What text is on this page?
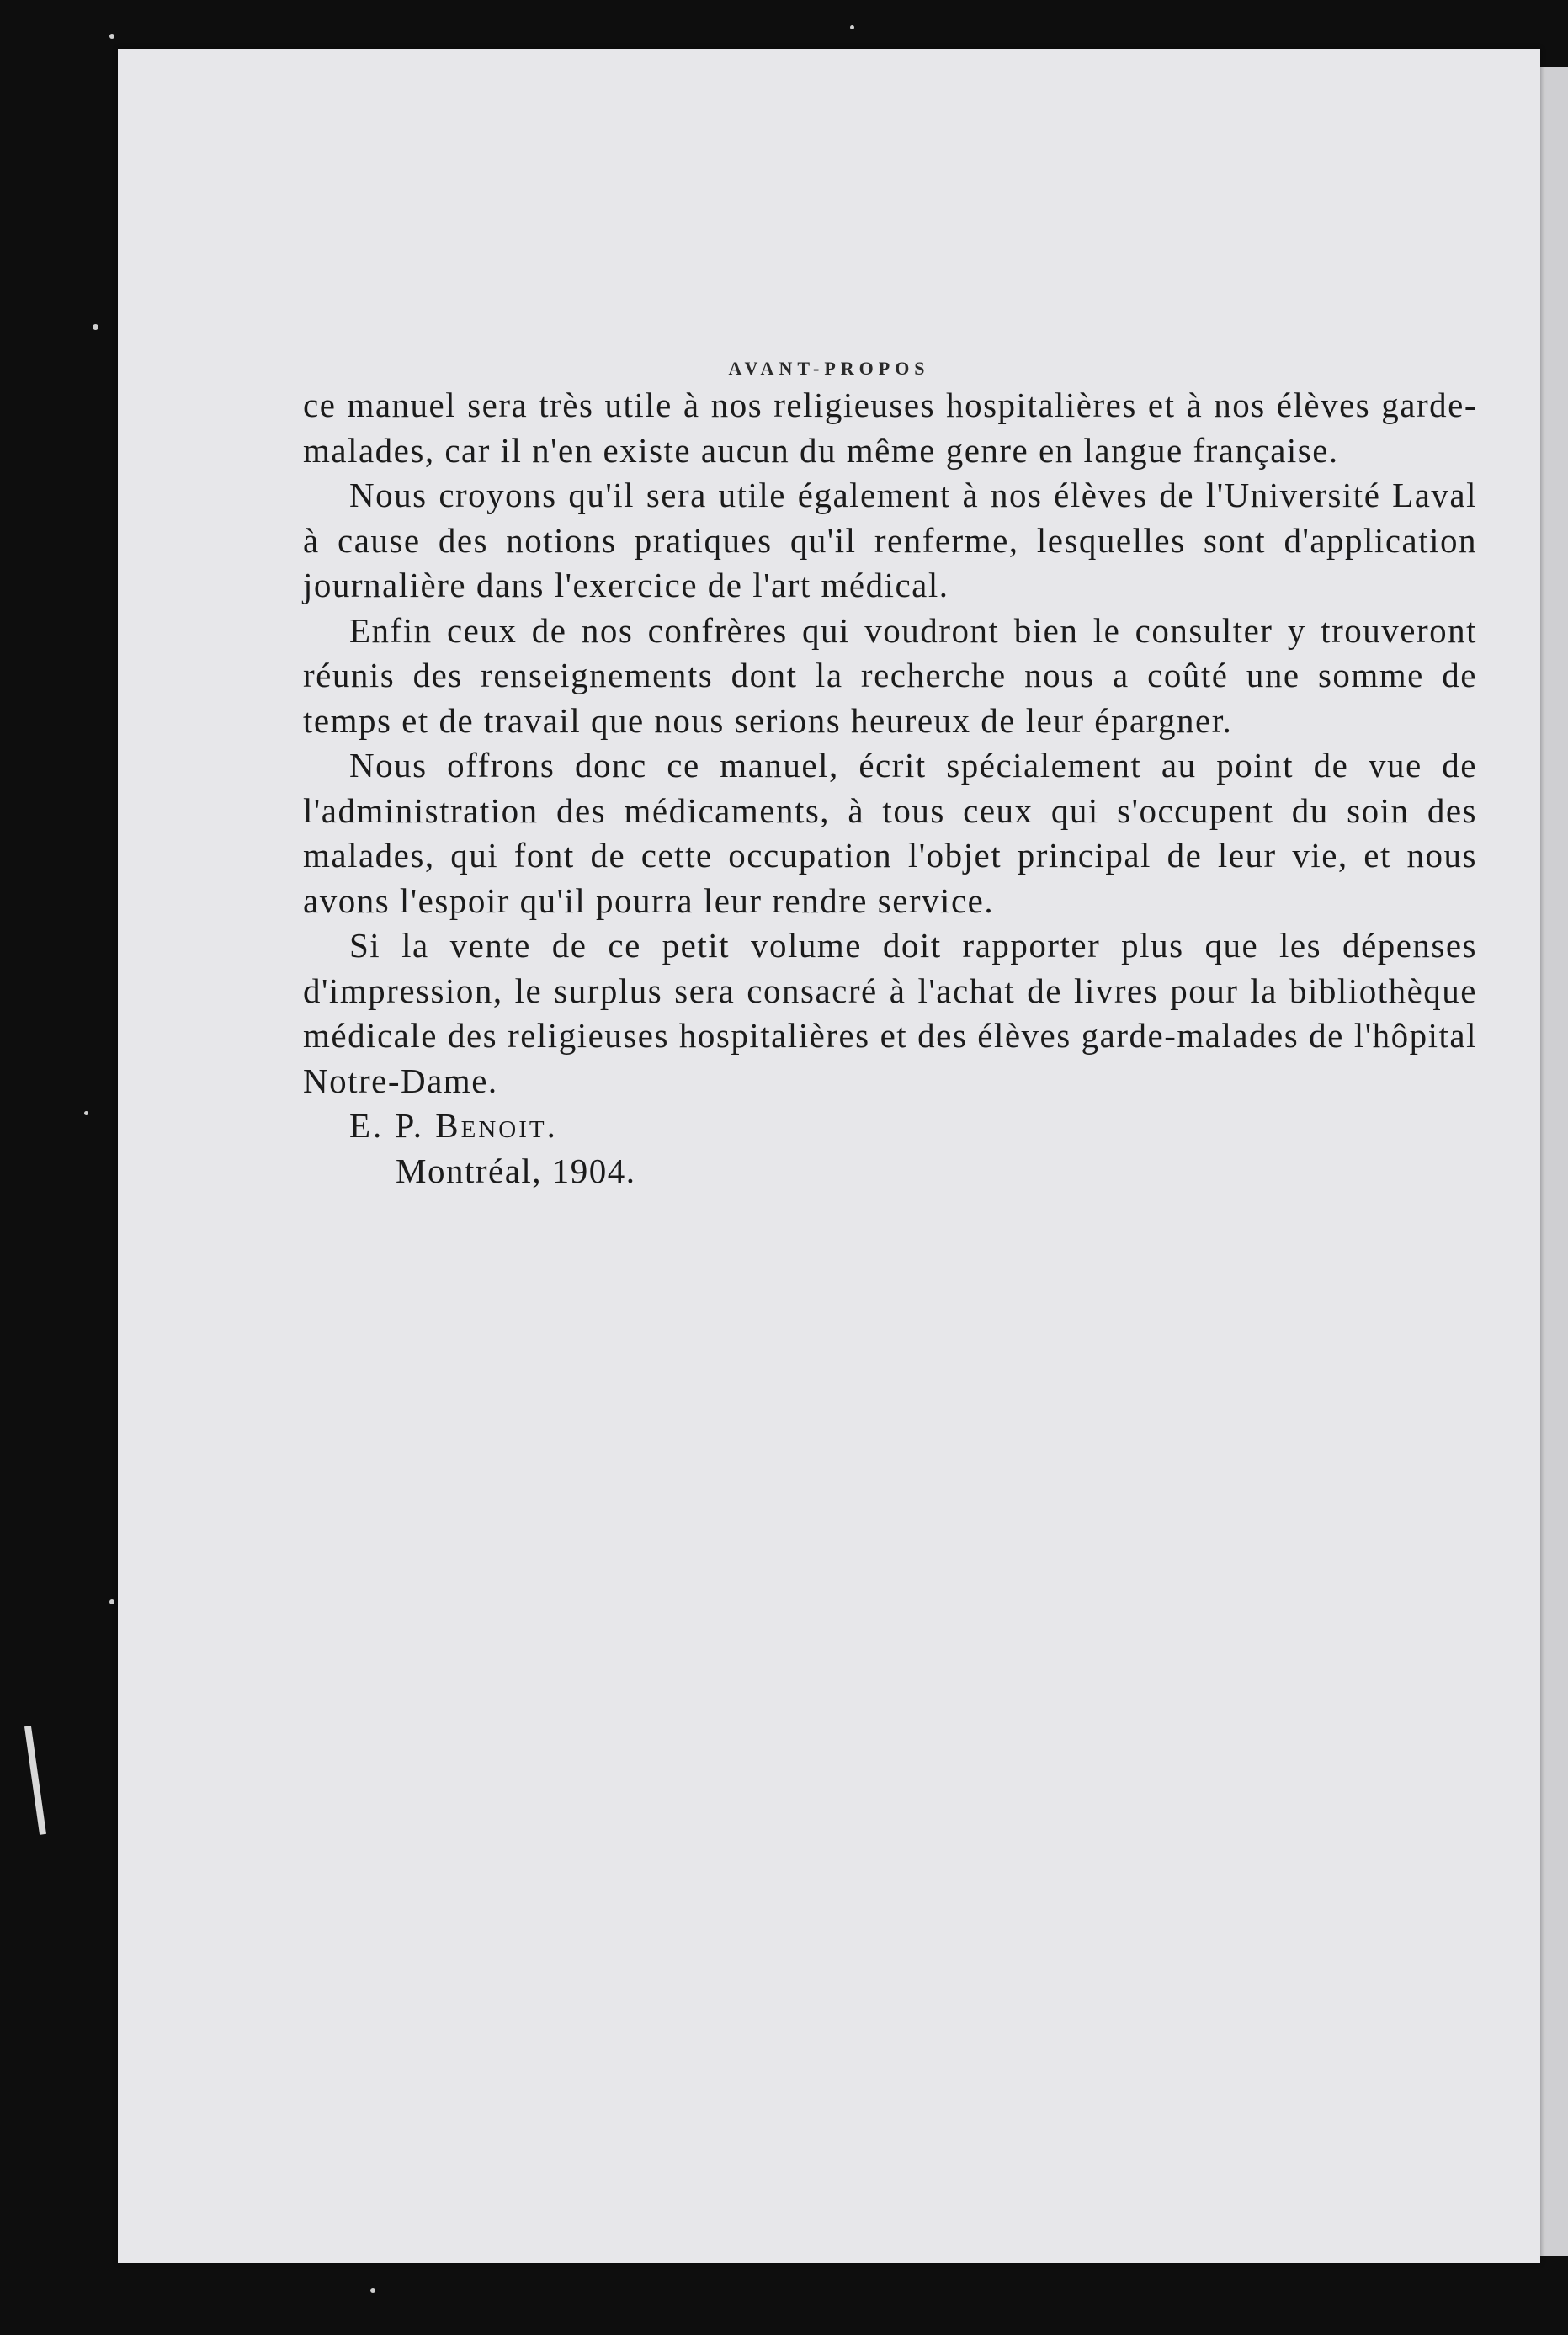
AVANT-PROPOS

ce manuel sera très utile à nos religieuses hospitalières et à nos élèves garde-malades, car il n'en existe aucun du même genre en langue française.

Nous croyons qu'il sera utile également à nos élèves de l'Université Laval à cause des notions pratiques qu'il renferme, lesquelles sont d'application journalière dans l'exercice de l'art médical.

Enfin ceux de nos confrères qui voudront bien le consulter y trouveront réunis des renseignements dont la recherche nous a coûté une somme de temps et de travail que nous serions heureux de leur épargner.

Nous offrons donc ce manuel, écrit spécialement au point de vue de l'administration des médicaments, à tous ceux qui s'occupent du soin des malades, qui font de cette occupation l'objet principal de leur vie, et nous avons l'espoir qu'il pourra leur rendre service.

Si la vente de ce petit volume doit rapporter plus que les dépenses d'impression, le surplus sera consacré à l'achat de livres pour la bibliothèque médicale des religieuses hospitalières et des élèves garde-malades de l'hôpital Notre-Dame.

E. P. Benoit.

Montréal, 1904.
